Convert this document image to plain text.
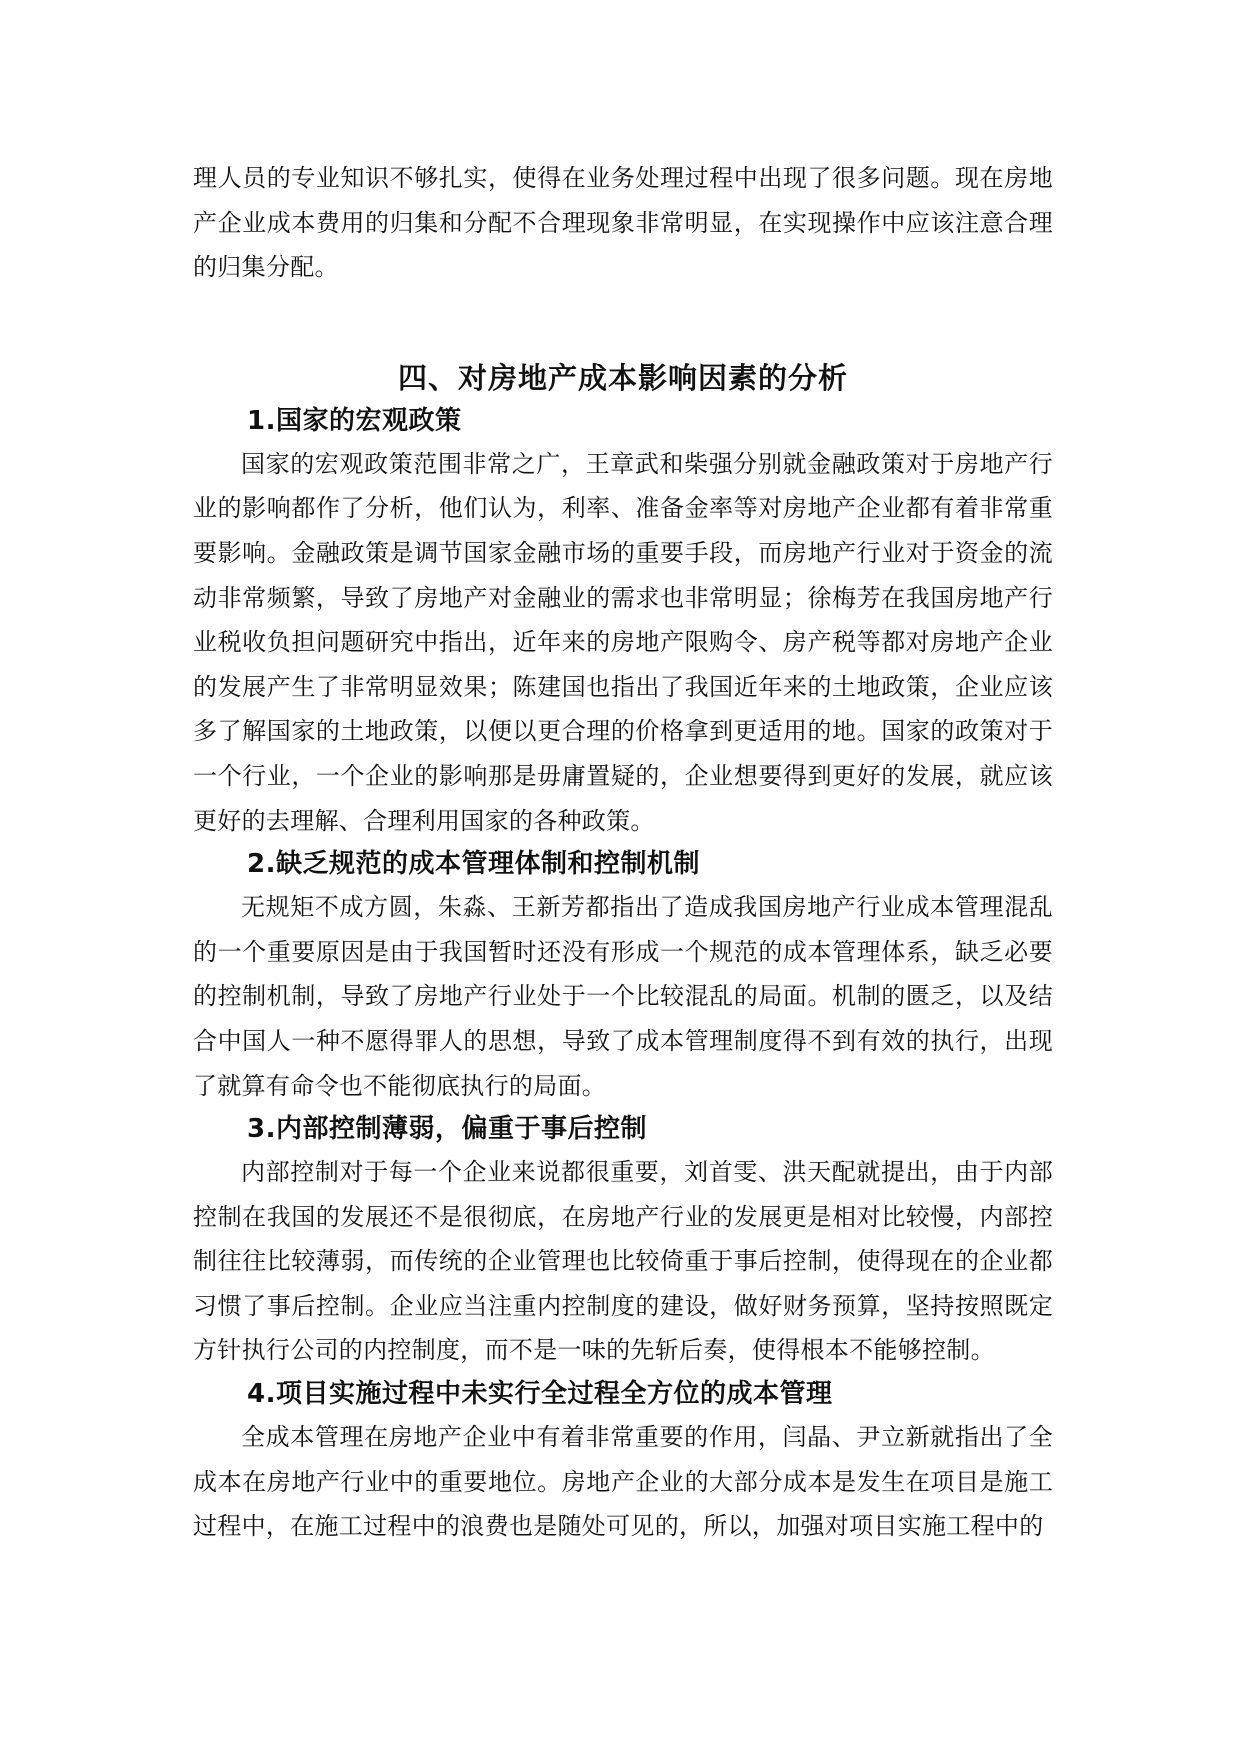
理人员的专业知识不够扎实，使得在业务处理过程中出现了很多问题。现在房地产企业成本费用的归集和分配不合理现象非常明显，在实现操作中应该注意合理的归集分配。

四、对房地产成本影响因素的分析
1.国家的宏观政策

国家的宏观政策范围非常之广，王章武和柴强分别就金融政策对于房地产行业的影响都作了分析，他们认为，利率、准备金率等对房地产企业都有着非常重要影响。金融政策是调节国家金融市场的重要手段，而房地产行业对于资金的流动非常频繁，导致了房地产对金融业的需求也非常明显；徐梅芳在我国房地产行业税收负担问题研究中指出，近年来的房地产限购令、房产税等都对房地产企业的发展产生了非常明显效果；陈建国也指出了我国近年来的土地政策，企业应该多了解国家的土地政策，以便以更合理的价格拿到更适用的地。国家的政策对于一个行业，一个企业的影响那是毋庸置疑的，企业想要得到更好的发展，就应该更好的去理解、合理利用国家的各种政策。

2.缺乏规范的成本管理体制和控制机制

无规矩不成方圆，朱淼、王新芳都指出了造成我国房地产行业成本管理混乱的一个重要原因是由于我国暂时还没有形成一个规范的成本管理体系，缺乏必要的控制机制，导致了房地产行业处于一个比较混乱的局面。机制的匮乏，以及结合中国人一种不愿得罪人的思想，导致了成本管理制度得不到有效的执行，出现了就算有命令也不能彻底执行的局面。

3.内部控制薄弱，偏重于事后控制

内部控制对于每一个企业来说都很重要，刘首雯、洪天配就提出，由于内部控制在我国的发展还不是很彻底，在房地产行业的发展更是相对比较慢，内部控制往往比较薄弱，而传统的企业管理也比较倚重于事后控制，使得现在的企业都习惯了事后控制。企业应当注重内控制度的建设，做好财务预算，坚持按照既定方针执行公司的内控制度，而不是一味的先斩后奏，使得根本不能够控制。

4.项目实施过程中未实行全过程全方位的成本管理

全成本管理在房地产企业中有着非常重要的作用，闫晶、尹立新就指出了全成本在房地产行业中的重要地位。房地产企业的大部分成本是发生在项目是施工过程中，在施工过程中的浪费也是随处可见的，所以，加强对项目实施工程中的
